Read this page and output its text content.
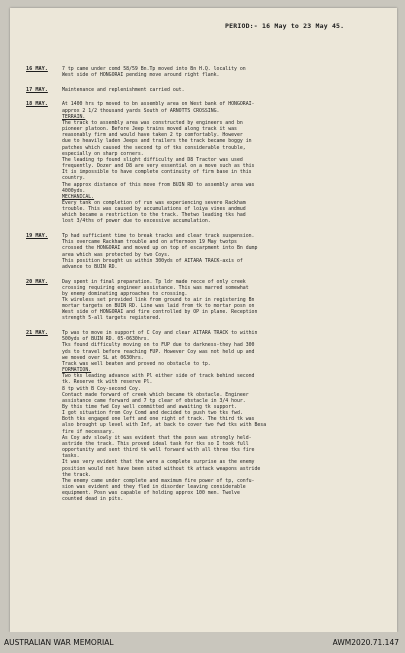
PERIOD:- 16 May to 23 May 45.
16 MAY.	7 tp came under comd 58/59 Bn.Tp moved into Bn H.Q. locality on
West side of HONGORAI pending move around right flank.
17 MAY.	Maintenance and replenishment carried out.
18 MAY.	At 1400 hrs tp moved to bn assembly area on West bank of HONGORAI-
approx 2 1/2 thousand yards South of ARNOTTS CROSSING.
TERRAIN.
The track to assembly area was constructed by engineers and bn
pioneer platoon. Before Jeep trains moved along track it was
reasonably firm and would have taken 2 tp comfortably. However
due to heavily laden Jeeps and trailers the track became boggy in
patches which caused the second tp of tks considerable trouble,
especially on sharp corners.
The leading tp found slight difficulty and D8 Tractor was used
frequently. Dozer and D8 are very essential on a move such as this
It is impossible to have complete continuity of firm base in this
country.
The approx distance of this move from BUIN RD to assembly area was
4000yds.
MECHANICAL.
Every tank on completion of run was experiencing severe Rackham
trouble. This was caused by accumulations of loiya vines andmud
which became a restriction to the track. Thetwo leading tks had
lost 3/4ths of power due to excessive accumulation.
19 MAY.	Tp had sufficient time to break tracks and clear track suspension.
This overcame Rackham trouble and on afternoon 19 May twotps
crossed the HONGORAI and moved up on top of escarpment into Bn dump
area which was protected by two Coys.
This position brought us within 300yds of AITARA TRACK-axis of
advance to BUIN RD.
20 MAY.	Day spent in final preparation. Tp ldr made recce of only creek
crossing requiring engineer assistance. This was marred somewhat
by enemy dominating approaches to crossing.
Tk wireless set provided link from ground to air in registering Bn
mortar targets on BUIN RD. Line was laid from tk to mortar posn on
West side of HONGORAI and fire controlled by OP in plane. Reception
strength 5-all targets registered.
21 MAY.	Tp was to move in support of C Coy and clear AITARA TRACK to within
500yds of BUIN RD. 05-0630hrs.
Tks found difficulty moving on to FUP due to darkness-they had 300
yds to travel before reaching FUP. However Coy was not held up and
we moved over SL at 0630hrs.
Track was well beaten and proved no obstacle to tp.
FORMATION.
Two tks leading advance with Pl either side of track behind second
tk. Reserve tk with reserve Pl.
8 tp with B Coy-second Coy.
Contact made forward of creek which became tk obstacle. Engineer
assistance came forward and 7 tp clear of obstacle in 3/4 hour.
By this time fwd Coy well committed and awaiting tk support.
I got situation from Coy Comd and decided to push two tks fwd.
Both tks engaged one left and one right of track. The third tk was
also brought up level with Inf, at back to cover two fwd tks with Besa
fire if necessary.
As Coy adv slowly it was evident that the posn was strongly held-
astride the track. This proved ideal task for tks so I took full
opportunity and sent third tk well forward with all three tks fire
tasks.
It was very evident that the were a complete surprise as the enemy
position would not have been sited without tk attack weapons astride
the track.
The enemy came under complete and maximum fire power of tp, confu-
sion was evident and they fled in disorder leaving considerable
equipment. Posn was capable of holding approx 100 men. Twelve
counted dead in pits.
AUSTRALIAN WAR MEMORIAL	AWM2020.71.147
